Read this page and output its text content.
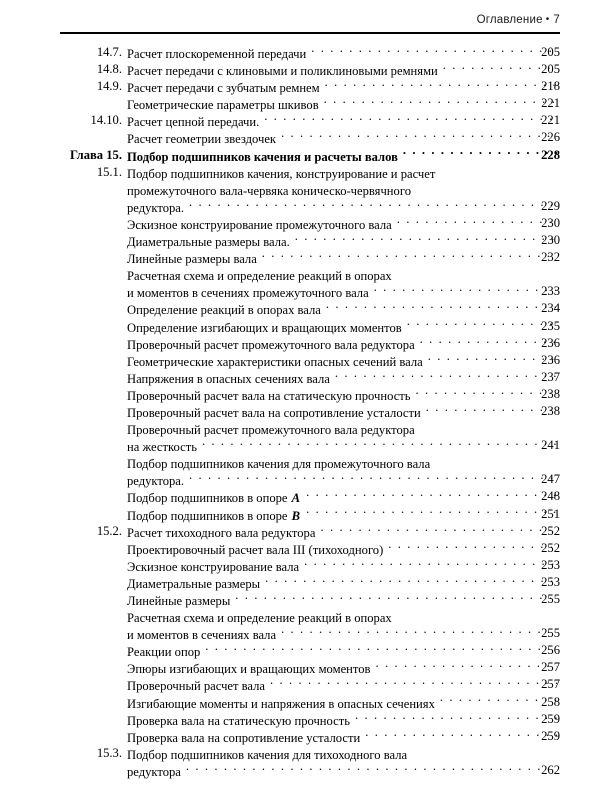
Оглавление • 7
14.7. Расчет плоскоременной передачи . . .	205
14.8. Расчет передачи с клиновыми и поликлиновыми ремнями . . .	205
14.9. Расчет передачи с зубчатым ремнем . . .	218
Геометрические параметры шкивов . . .	221
14.10. Расчет цепной передачи. . . .	221
Расчет геометрии звездочек . . .	226
Глава 15. Подбор подшипников качения и расчеты валов . . .	228
15.1. Подбор подшипников качения, конструирование и расчет
промежуточного вала-червяка коническо-червячного
редуктора. . . .	229
Эскизное конструирование промежуточного вала . . .	230
Диаметральные размеры вала. . . .	230
Линейные размеры вала . . .	232
Расчетная схема и определение реакций в опорах
и моментов в сечениях промежуточного вала . . .	233
Определение реакций в опорах вала . . .	234
Определение изгибающих и вращающих моментов . . .	235
Проверочный расчет промежуточного вала редуктора . . .	236
Геометрические характеристики опасных сечений вала . . .	236
Напряжения в опасных сечениях вала . . .	237
Проверочный расчет вала на статическую прочность . . .	238
Проверочный расчет вала на сопротивление усталости . . .	238
Проверочный расчет промежуточного вала редуктора
на жесткость . . .	241
Подбор подшипников качения для промежуточного вала
редуктора. . . .	247
Подбор подшипников в опоре A . . .	248
Подбор подшипников в опоре B . . .	251
15.2. Расчет тихоходного вала редуктора . . .	252
Проектировочный расчет вала III (тихоходного) . . .	252
Эскизное конструирование вала . . .	253
Диаметральные размеры . . .	253
Линейные размеры . . .	255
Расчетная схема и определение реакций в опорах
и моментов в сечениях вала . . .	255
Реакции опор . . .	256
Эпюры изгибающих и вращающих моментов . . .	257
Проверочный расчет вала . . .	257
Изгибающие моменты и напряжения в опасных сечениях . . .	258
Проверка вала на статическую прочность . . .	259
Проверка вала на сопротивление усталости . . .	259
15.3. Подбор подшипников качения для тихоходного вала
редуктора . . .	262
